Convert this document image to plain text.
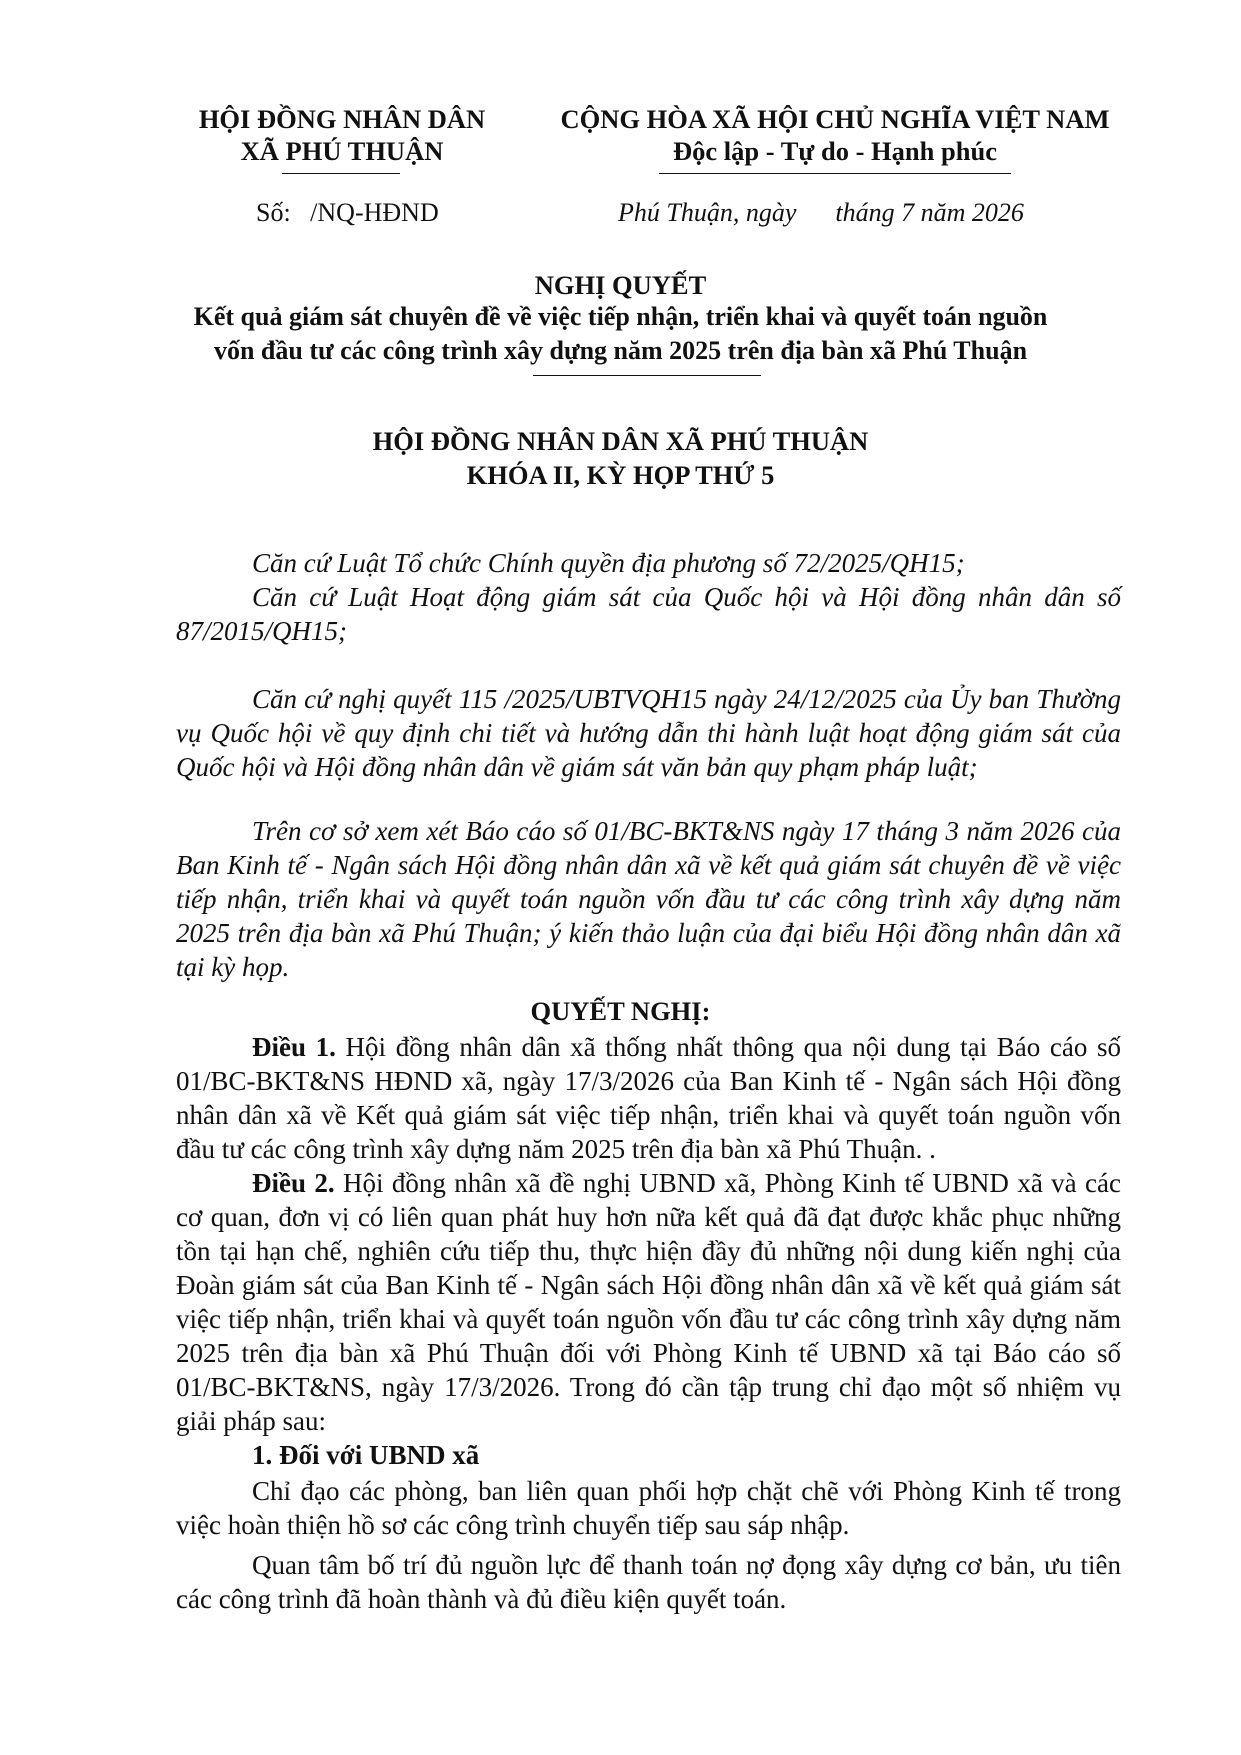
HỘI ĐỒNG NHÂN DÂN
XÃ PHÚ THUẬN
CỘNG HÒA XÃ HỘI CHỦ NGHĨA VIỆT NAM
Độc lập - Tự do - Hạnh phúc
Số:   /NQ-HĐND	Phú Thuận, ngày      tháng 7 năm 2026
NGHỊ QUYẾT
Kết quả giám sát chuyên đề về việc tiếp nhận, triển khai và quyết toán nguồn
vốn đầu tư các công trình xây dựng năm 2025 trên địa bàn xã Phú Thuận
HỘI ĐỒNG NHÂN DÂN XÃ PHÚ THUẬN
KHÓA II, KỲ HỌP THỨ 5
Căn cứ Luật Tổ chức Chính quyền địa phương số 72/2025/QH15;
Căn cứ Luật Hoạt động giám sát của Quốc hội và Hội đồng nhân dân số 87/2015/QH15;
Căn cứ nghị quyết 115 /2025/UBTVQH15 ngày 24/12/2025 của Ủy ban Thường vụ Quốc hội về quy định chi tiết và hướng dẫn thi hành luật hoạt động giám sát của Quốc hội và Hội đồng nhân dân về giám sát văn bản quy phạm pháp luật;
Trên cơ sở xem xét Báo cáo số 01/BC-BKT&NS ngày 17 tháng 3 năm 2026 của Ban Kinh tế - Ngân sách Hội đồng nhân dân xã về kết quả giám sát chuyên đề về việc tiếp nhận, triển khai và quyết toán nguồn vốn đầu tư các công trình xây dựng năm 2025 trên địa bàn xã Phú Thuận; ý kiến thảo luận của đại biểu Hội đồng nhân dân xã tại kỳ họp.
QUYẾT NGHỊ:
Điều 1. Hội đồng nhân dân xã thống nhất thông qua nội dung tại Báo cáo số 01/BC-BKT&NS HĐND xã, ngày 17/3/2026 của Ban Kinh tế - Ngân sách Hội đồng nhân dân xã về Kết quả giám sát việc tiếp nhận, triển khai và quyết toán nguồn vốn đầu tư các công trình xây dựng năm 2025 trên địa bàn xã Phú Thuận. .
Điều 2. Hội đồng nhân xã đề nghị UBND xã, Phòng Kinh tế UBND xã và các cơ quan, đơn vị có liên quan phát huy hơn nữa kết quả đã đạt được khắc phục những tồn tại hạn chế, nghiên cứu tiếp thu, thực hiện đầy đủ những nội dung kiến nghị của Đoàn giám sát của Ban Kinh tế - Ngân sách Hội đồng nhân dân xã về kết quả giám sát việc tiếp nhận, triển khai và quyết toán nguồn vốn đầu tư các công trình xây dựng năm 2025 trên địa bàn xã Phú Thuận đối với Phòng Kinh tế UBND xã tại Báo cáo số 01/BC-BKT&NS, ngày 17/3/2026. Trong đó cần tập trung chỉ đạo một số nhiệm vụ giải pháp sau:
1. Đối với UBND xã
Chỉ đạo các phòng, ban liên quan phối hợp chặt chẽ với Phòng Kinh tế trong việc hoàn thiện hồ sơ các công trình chuyển tiếp sau sáp nhập.
Quan tâm bố trí đủ nguồn lực để thanh toán nợ đọng xây dựng cơ bản, ưu tiên các công trình đã hoàn thành và đủ điều kiện quyết toán.
